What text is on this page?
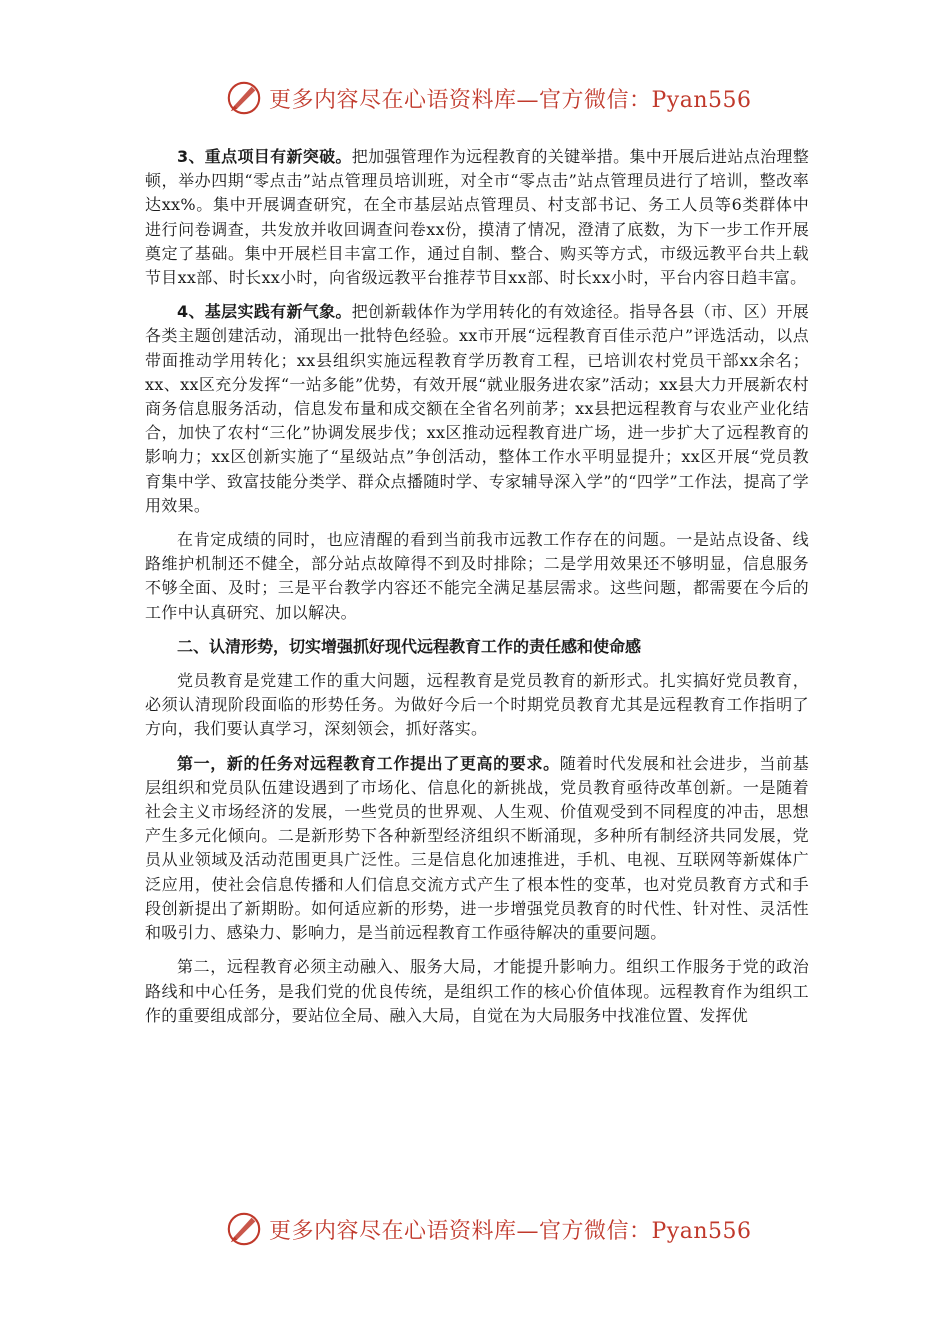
更多内容尽在心语资料库—官方微信：Pyan556

3、重点项目有新突破。把加强管理作为远程教育的关键举措。集中开展后进站点治理整顿，举办四期“零点击”站点管理员培训班，对全市“零点击”站点管理员进行了培训，整改率达xx%。集中开展调查研究，在全市基层站点管理员、村支部书记、务工人员等6类群体中进行问卷调查，共发放并收回调查问卷xx份，摸清了情况，澄清了底数，为下一步工作开展奠定了基础。集中开展栏目丰富工作，通过自制、整合、购买等方式，市级远教平台共上载节目xx部、时长xx小时，向省级远教平台推荐节目xx部、时长xx小时，平台内容日趋丰富。

4、基层实践有新气象。把创新载体作为学用转化的有效途径。指导各县（市、区）开展各类主题创建活动，涌现出一批特色经验。xx市开展“远程教育百佳示范户”评选活动，以点带面推动学用转化；xx县组织实施远程教育学历教育工程，已培训农村党员干部xx余名；xx、xx区充分发挥“一站多能”优势，有效开展“就业服务进农家”活动；xx县大力开展新农村商务信息服务活动，信息发布量和成交额在全省名列前茅；xx县把远程教育与农业产业化结合，加快了农村“三化”协调发展步伐；xx区推动远程教育进广场，进一步扩大了远程教育的影响力；xx区创新实施了“星级站点”争创活动，整体工作水平明显提升；xx区开展“党员教育集中学、致富技能分类学、群众点播随时学、专家辅导深入学”的“四学”工作法，提高了学用效果。

在肯定成绩的同时，也应清醒的看到当前我市远教工作存在的问题。一是站点设备、线路维护机制还不健全，部分站点故障得不到及时排除；二是学用效果还不够明显，信息服务不够全面、及时；三是平台教学内容还不能完全满足基层需求。这些问题，都需要在今后的工作中认真研究、加以解决。

二、认清形势，切实增强抓好现代远程教育工作的责任感和使命感

党员教育是党建工作的重大问题，远程教育是党员教育的新形式。扎实搞好党员教育，必须认清现阶段面临的形势任务。为做好今后一个时期党员教育尤其是远程教育工作指明了方向，我们要认真学习，深刻领会，抓好落实。

第一，新的任务对远程教育工作提出了更高的要求。随着时代发展和社会进步，当前基层组织和党员队伍建设遇到了市场化、信息化的新挑战，党员教育亟待改革创新。一是随着社会主义市场经济的发展，一些党员的世界观、人生观、价值观受到不同程度的冲击，思想产生多元化倾向。二是新形势下各种新型经济组织不断涌现，多种所有制经济共同发展，党员从业领域及活动范围更具广泛性。三是信息化加速推进，手机、电视、互联网等新媒体广泛应用，使社会信息传播和人们信息交流方式产生了根本性的变革，也对党员教育方式和手段创新提出了新期盼。如何适应新的形势，进一步增强党员教育的时代性、针对性、灵活性和吸引力、感染力、影响力，是当前远程教育工作亟待解决的重要问题。

第二，远程教育必须主动融入、服务大局，才能提升影响力。组织工作服务于党的政治路线和中心任务，是我们党的优良传统，是组织工作的核心价值体现。远程教育作为组织工作的重要组成部分，要站位全局、融入大局，自觉在为大局服务中找准位置、发挥优

更多内容尽在心语资料库—官方微信：Pyan556
